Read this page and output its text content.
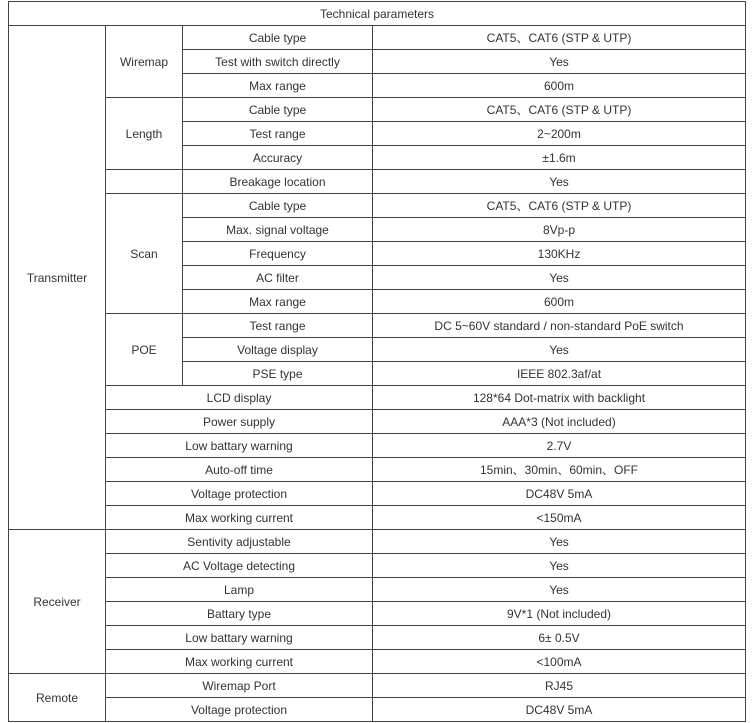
Technical parameters			
Transmitter	Wiremap	Cable type	CAT5、CAT6 (STP & UTP)
		Test with switch directly	Yes
		Max range	600m
	Length	Cable type	CAT5、CAT6 (STP & UTP)
		Test range	2~200m
		Accuracy	±1.6m
		Breakage location	Yes
	Scan	Cable type	CAT5、CAT6 (STP & UTP)
		Max. signal voltage	8Vp-p
		Frequency	130KHz
		AC filter	Yes
		Max range	600m
	POE	Test range	DC 5~60V standard / non-standard PoE switch
		Voltage display	Yes
		PSE type	IEEE 802.3af/at
	LCD display		128*64 Dot-matrix with backlight
	Power supply		AAA*3 (Not included)
	Low battary warning		2.7V
	Auto-off time		15min、30min、60min、OFF
	Voltage protection		DC48V 5mA
	Max working current		<150mA
Receiver	Sentivity adjustable		Yes
	AC Voltage detecting		Yes
	Lamp		Yes
	Battary type		9V*1 (Not included)
	Low battary warning		6± 0.5V
	Max working current		<100mA
Remote	Wiremap Port		RJ45
	Voltage protection		DC48V 5mA
